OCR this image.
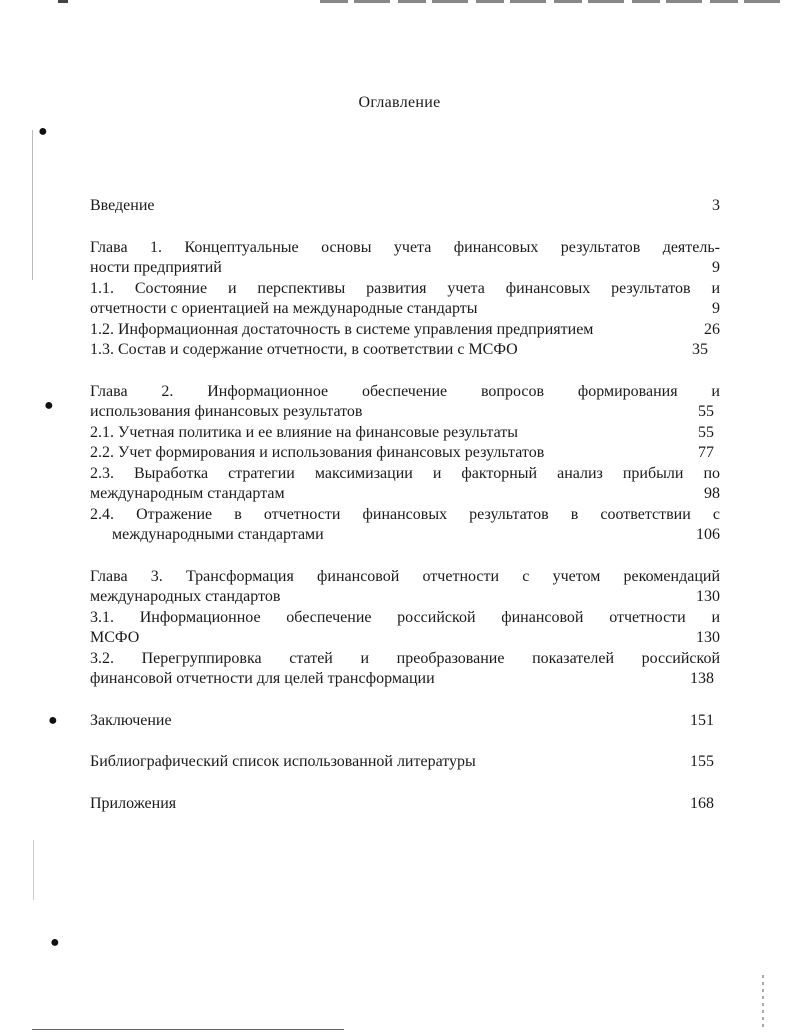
●
●
●
●
Оглавление
Введение	3
Глава 1. Концептуальные основы учета финансовых результатов деятель-
ности предприятий	9
1.1. Состояние и перспективы развития учета финансовых результатов и
отчетности с ориентацией на международные стандарты	9
1.2. Информационная достаточность в системе управления предприятием	26
1.3. Состав и содержание отчетности, в соответствии с МСФО	35
Глава 2. Информационное обеспечение вопросов формирования и
использования финансовых результатов	55
2.1. Учетная политика и ее влияние на финансовые результаты	55
2.2. Учет формирования и использования финансовых результатов	77
2.3. Выработка стратегии максимизации и факторный анализ прибыли по
международным стандартам	98
2.4. Отражение в отчетности финансовых результатов в соответствии с
международными стандартами	106
Глава 3. Трансформация финансовой отчетности с учетом рекомендаций
международных стандартов	130
3.1. Информационное обеспечение российской финансовой отчетности и
МСФО	130
3.2. Перегруппировка статей и преобразование показателей российской
финансовой отчетности для целей трансформации	138
Заключение	151
Библиографический список использованной литературы	155
Приложения	168
